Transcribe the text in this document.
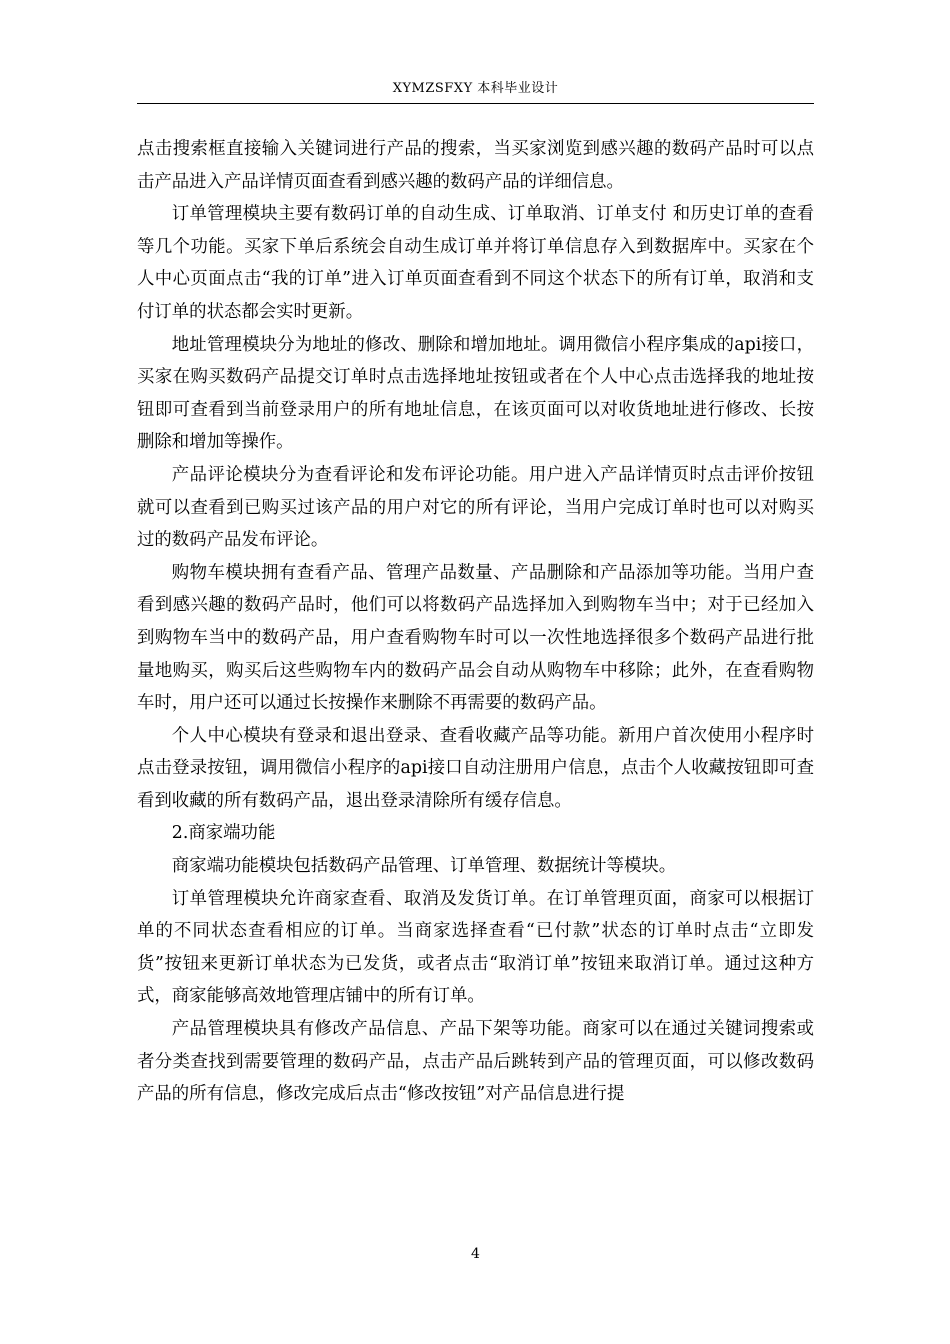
XYMZSFXY 本科毕业设计

点击搜索框直接输入关键词进行产品的搜索，当买家浏览到感兴趣的数码产品时可以点击产品进入产品详情页面查看到感兴趣的数码产品的详细信息。

订单管理模块主要有数码订单的自动生成、订单取消、订单支付 和历史订单的查看等几个功能。买家下单后系统会自动生成订单并将订单信息存入到数据库中。买家在个人中心页面点击“我的订单”进入订单页面查看到不同这个状态下的所有订单，取消和支付订单的状态都会实时更新。

地址管理模块分为地址的修改、删除和增加地址。调用微信小程序集成的api接口，买家在购买数码产品提交订单时点击选择地址按钮或者在个人中心点击选择我的地址按钮即可查看到当前登录用户的所有地址信息，在该页面可以对收货地址进行修改、长按删除和增加等操作。

产品评论模块分为查看评论和发布评论功能。用户进入产品详情页时点击评价按钮就可以查看到已购买过该产品的用户对它的所有评论，当用户完成订单时也可以对购买过的数码产品发布评论。

购物车模块拥有查看产品、管理产品数量、产品删除和产品添加等功能。当用户查看到感兴趣的数码产品时，他们可以将数码产品选择加入到购物车当中；对于已经加入到购物车当中的数码产品，用户查看购物车时可以一次性地选择很多个数码产品进行批量地购买，购买后这些购物车内的数码产品会自动从购物车中移除；此外，在查看购物车时，用户还可以通过长按操作来删除不再需要的数码产品。

个人中心模块有登录和退出登录、查看收藏产品等功能。新用户首次使用小程序时点击登录按钮，调用微信小程序的api接口自动注册用户信息，点击个人收藏按钮即可查看到收藏的所有数码产品，退出登录清除所有缓存信息。

2.商家端功能

商家端功能模块包括数码产品管理、订单管理、数据统计等模块。

订单管理模块允许商家查看、取消及发货订单。在订单管理页面，商家可以根据订单的不同状态查看相应的订单。当商家选择查看“已付款”状态的订单时点击“立即发货”按钮来更新订单状态为已发货，或者点击“取消订单”按钮来取消订单。通过这种方式，商家能够高效地管理店铺中的所有订单。

产品管理模块具有修改产品信息、产品下架等功能。商家可以在通过关键词搜索或者分类查找到需要管理的数码产品，点击产品后跳转到产品的管理页面，可以修改数码产品的所有信息，修改完成后点击“修改按钮”对产品信息进行提

4
